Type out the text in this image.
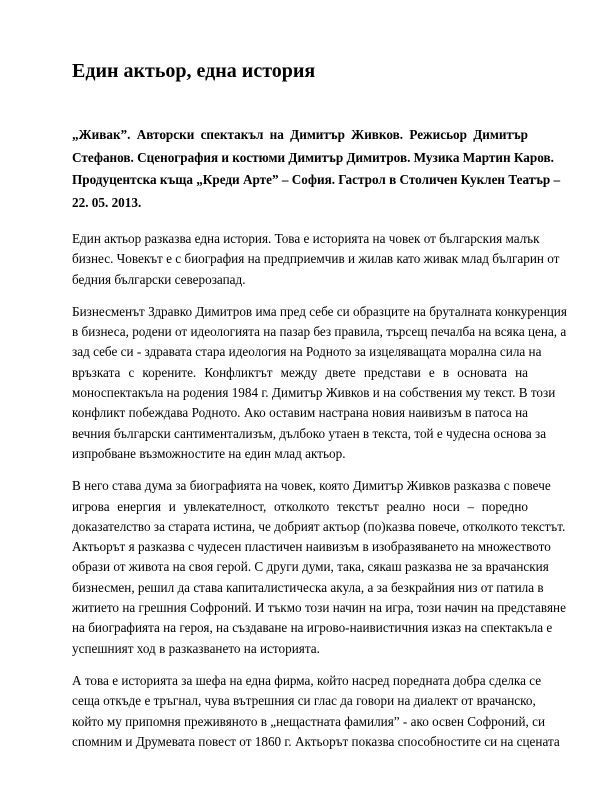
Един актьор, една история
„Живак”. Авторски спектакъл на Димитър Живков. Режисьор Димитър
Стефанов. Сценография и костюми Димитър Димитров. Музика Мартин Каров.
Продуцентска къща „Креди Арте” – София. Гастрол в Столичен Куклен Театър –
22. 05. 2013.

Един актьор разказва една история. Това е историята на човек от българския малък
бизнес. Човекът е с биография на предприемчив и жилав като живак млад българин от
бедния български северозапад.

Бизнесменът Здравко Димитров има пред себе си образците на бруталната конкуренция
в бизнеса, родени от идеологията на пазар без правила, търсещ печалба на всяка цена, а
зад себе си - здравата стара идеология на Родното за изцеляващата морална сила на
връзката с корените. Конфликтът между двете представи е в основата на
моноспектакъла на родения 1984 г. Димитър Живков и на собствения му текст. В този
конфликт побеждава Родното. Ако оставим настрана новия наивизъм в патоса на
вечния български сантиментализъм, дълбоко утаен в текста, той е чудесна основа за
изпробване възможностите на един млад актьор.

В него става дума за биографията на човек, която Димитър Живков разказва с повече
игрова енергия и увлекателност, отколкото текстът реално носи – поредно
доказателство за старата истина, че добрият актьор (по)казва повече, отколкото текстът.
Актьорът я разказва с чудесен пластичен наивизъм в изобразяването на множеството
образи от живота на своя герой. С други думи, така, сякаш разказва не за врачанския
бизнесмен, решил да става капиталистическа акула, а за безкрайния низ от патила в
житието на грешния Софроний. И тъкмо този начин на игра, този начин на представяне
на биографията на героя, на създаване на игрово-наивистичния изказ на спектакъла е
успешният ход в разказването на историята.

А това е историята за шефа на една фирма, който насред поредната добра сделка се
сеща откъде е тръгнал, чува вътрешния си глас да говори на диалект от врачанско,
който му припомня преживяното в „нещастната фамилия” - ако освен Софроний, си
спомним и Друмевата повест от 1860 г. Актьорът показва способностите си на сцената
